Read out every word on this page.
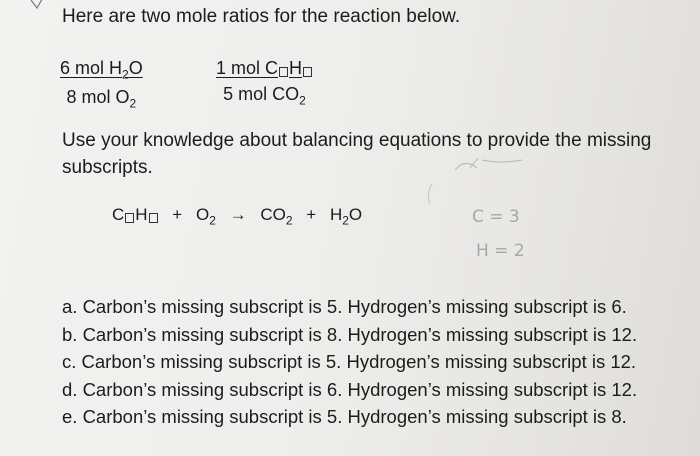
Here are two mole ratios for the reaction below.
6 mol $H_2O$
8 mol $O_2$
1 mol C H
5 mol $CO_2$
Use your knowledge about balancing equations to provide the missing subscripts.
C $H + O_2 \to CO_2 + H_2O$	C = 3
H = 2
a. Carbon’s missing subscript is 5. Hydrogen’s missing subscript is 6.
b. Carbon’s missing subscript is 8. Hydrogen’s missing subscript is 12.
c. Carbon’s missing subscript is 5. Hydrogen’s missing subscript is 12.
d. Carbon’s missing subscript is 6. Hydrogen’s missing subscript is 12.
e. Carbon’s missing subscript is 5. Hydrogen’s missing subscript is 8.
